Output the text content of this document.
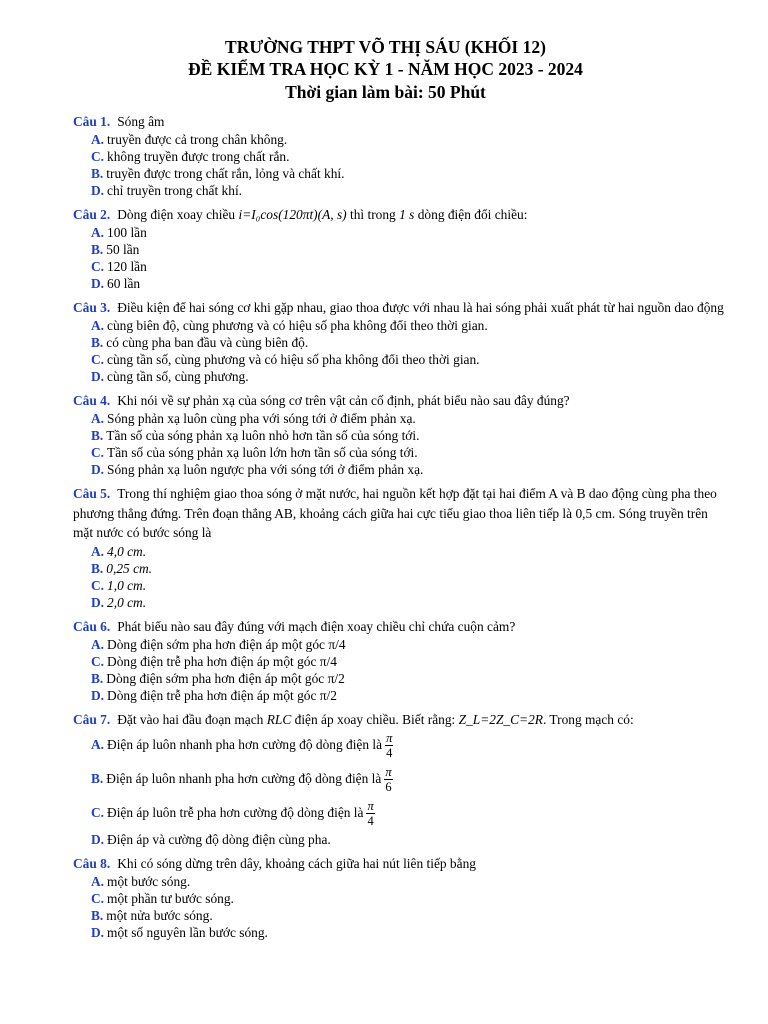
TRƯỜNG THPT VÕ THỊ SÁU (KHỐI 12)
ĐỀ KIỂM TRA HỌC KỲ 1 - NĂM HỌC 2023 - 2024
Thời gian làm bài: 50 Phút
Câu 1. Sóng âm
A. truyền được cả trong chân không.
C. không truyền được trong chất rắn.
B. truyền được trong chất rắn, lỏng và chất khí.
D. chỉ truyền trong chất khí.
Câu 2. Dòng điện xoay chiều i=I₀cos(120πt)(A, s) thì trong 1 s dòng điện đổi chiều:
A. 100 lần
B. 50 lần
C. 120 lần
D. 60 lần
Câu 3. Điều kiện để hai sóng cơ khi gặp nhau, giao thoa được với nhau là hai sóng phải xuất phát từ hai nguồn dao động
A. cùng biên độ, cùng phương và có hiệu số pha không đổi theo thời gian.
B. có cùng pha ban đầu và cùng biên độ.
C. cùng tần số, cùng phương và có hiệu số pha không đổi theo thời gian.
D. cùng tần số, cùng phương.
Câu 4. Khi nói về sự phản xạ của sóng cơ trên vật cản cố định, phát biểu nào sau đây đúng?
A. Sóng phản xạ luôn cùng pha với sóng tới ở điểm phản xạ.
B. Tần số của sóng phản xạ luôn nhỏ hơn tần số của sóng tới.
C. Tần số của sóng phản xạ luôn lớn hơn tần số của sóng tới.
D. Sóng phản xạ luôn ngược pha với sóng tới ở điểm phản xạ.
Câu 5. Trong thí nghiệm giao thoa sóng ở mặt nước, hai nguồn kết hợp đặt tại hai điểm A và B dao động cùng pha theo phương thẳng đứng. Trên đoạn thẳng AB, khoảng cách giữa hai cực tiểu giao thoa liên tiếp là 0,5 cm. Sóng truyền trên mặt nước có bước sóng là
A. 4,0 cm.
B. 0,25 cm.
C. 1,0 cm.
D. 2,0 cm.
Câu 6. Phát biểu nào sau đây đúng với mạch điện xoay chiều chỉ chứa cuộn cảm?
A. Dòng điện sớm pha hơn điện áp một góc π/4
C. Dòng điện trễ pha hơn điện áp một góc π/4
B. Dòng điện sớm pha hơn điện áp một góc π/2
D. Dòng điện trễ pha hơn điện áp một góc π/2
Câu 7. Đặt vào hai đầu đoạn mạch RLC điện áp xoay chiều. Biết rằng: Z_L=2Z_C=2R. Trong mạch có:
A. Điện áp luôn nhanh pha hơn cường độ dòng điện là $\frac{\pi}{4}$
B. Điện áp luôn nhanh pha hơn cường độ dòng điện là $\frac{\pi}{6}$
C. Điện áp luôn trễ pha hơn cường độ dòng điện là $\frac{\pi}{4}$
D. Điện áp và cường độ dòng điện cùng pha.
Câu 8. Khi có sóng dừng trên dây, khoảng cách giữa hai nút liên tiếp bằng
A. một bước sóng.
C. một phần tư bước sóng.
B. một nửa bước sóng.
D. một số nguyên lần bước sóng.
